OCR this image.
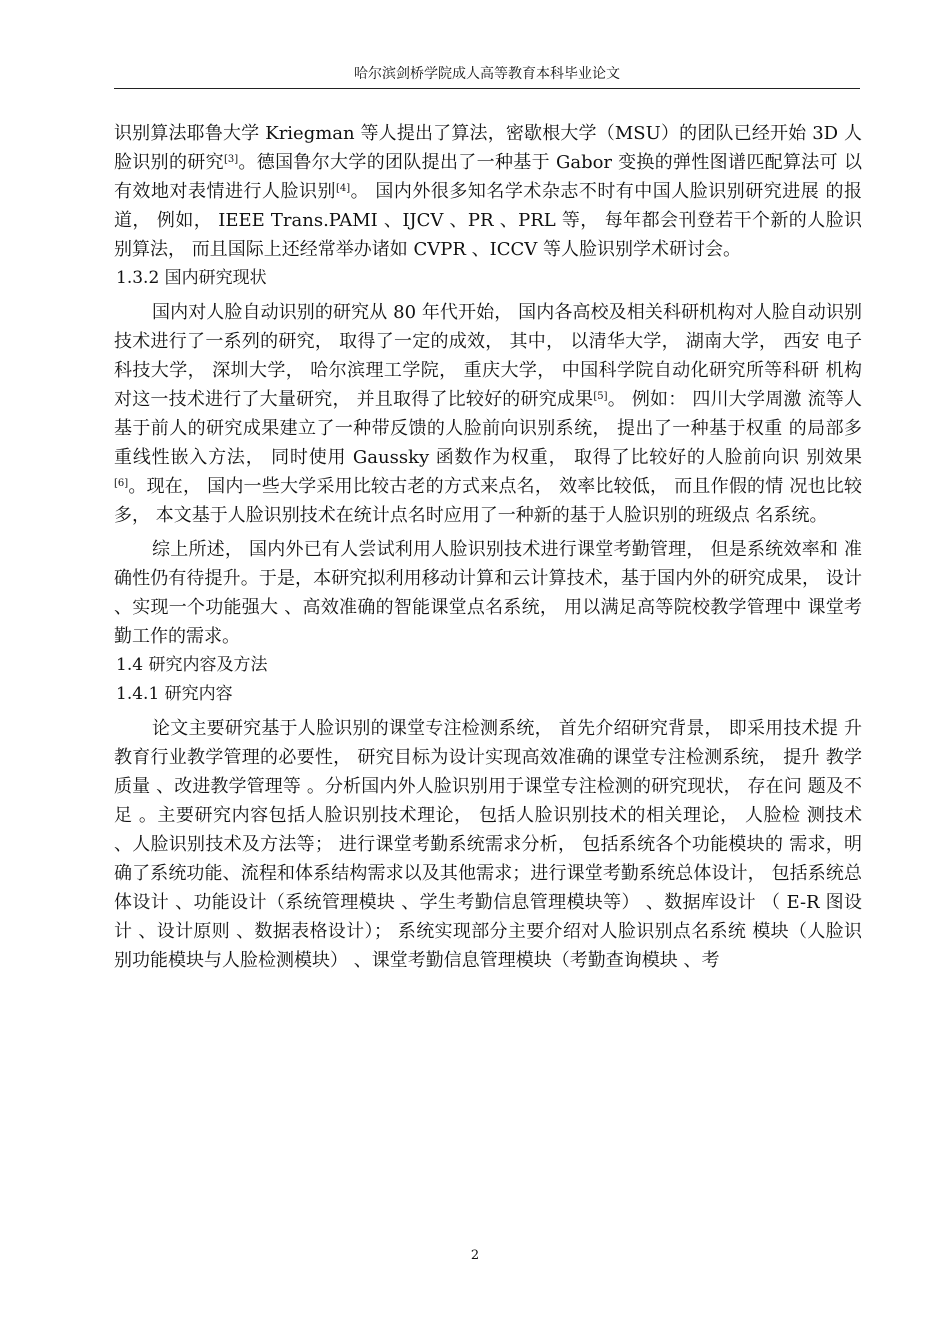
哈尔滨剑桥学院成人高等教育本科毕业论文

识别算法耶鲁大学 Kriegman 等人提出了算法，密歇根大学（MSU）的团队已经开始 3D 人 脸识别的研究[3]。德国鲁尔大学的团队提出了一种基于 Gabor 变换的弹性图谱匹配算法可 以有效地对表情进行人脸识别[4]。 国内外很多知名学术杂志不时有中国人脸识别研究进展 的报道， 例如， IEEE Trans.PAMI 、IJCV 、PR 、PRL 等， 每年都会刊登若干个新的人脸识 别算法， 而且国际上还经常举办诸如 CVPR 、ICCV 等人脸识别学术研讨会。

1.3.2 国内研究现状

国内对人脸自动识别的研究从 80 年代开始， 国内各高校及相关科研机构对人脸自动识别技术进行了一系列的研究， 取得了一定的成效， 其中， 以清华大学， 湖南大学， 西安 电子科技大学， 深圳大学， 哈尔滨理工学院， 重庆大学， 中国科学院自动化研究所等科研 机构对这一技术进行了大量研究， 并且取得了比较好的研究成果[5]。 例如： 四川大学周激 流等人基于前人的研究成果建立了一种带反馈的人脸前向识别系统， 提出了一种基于权重 的局部多重线性嵌入方法， 同时使用 Gaussky 函数作为权重， 取得了比较好的人脸前向识 别效果[6]。现在， 国内一些大学采用比较古老的方式来点名， 效率比较低， 而且作假的情 况也比较多， 本文基于人脸识别技术在统计点名时应用了一种新的基于人脸识别的班级点 名系统。

综上所述， 国内外已有人尝试利用人脸识别技术进行课堂考勤管理， 但是系统效率和 准确性仍有待提升。于是，本研究拟利用移动计算和云计算技术，基于国内外的研究成果， 设计 、实现一个功能强大 、高效准确的智能课堂点名系统， 用以满足高等院校教学管理中 课堂考勤工作的需求。

1.4 研究内容及方法
1.4.1 研究内容

论文主要研究基于人脸识别的课堂专注检测系统， 首先介绍研究背景， 即采用技术提 升教育行业教学管理的必要性， 研究目标为设计实现高效准确的课堂专注检测系统， 提升 教学质量 、改进教学管理等 。分析国内外人脸识别用于课堂专注检测的研究现状， 存在问 题及不足 。主要研究内容包括人脸识别技术理论， 包括人脸识别技术的相关理论， 人脸检 测技术 、人脸识别技术及方法等； 进行课堂考勤系统需求分析， 包括系统各个功能模块的 需求，明确了系统功能、流程和体系结构需求以及其他需求；进行课堂考勤系统总体设计， 包括系统总体设计 、功能设计（系统管理模块 、学生考勤信息管理模块等） 、数据库设计 （ E-R 图设计 、设计原则 、数据表格设计）； 系统实现部分主要介绍对人脸识别点名系统 模块（人脸识别功能模块与人脸检测模块） 、课堂考勤信息管理模块（考勤查询模块 、考

2
